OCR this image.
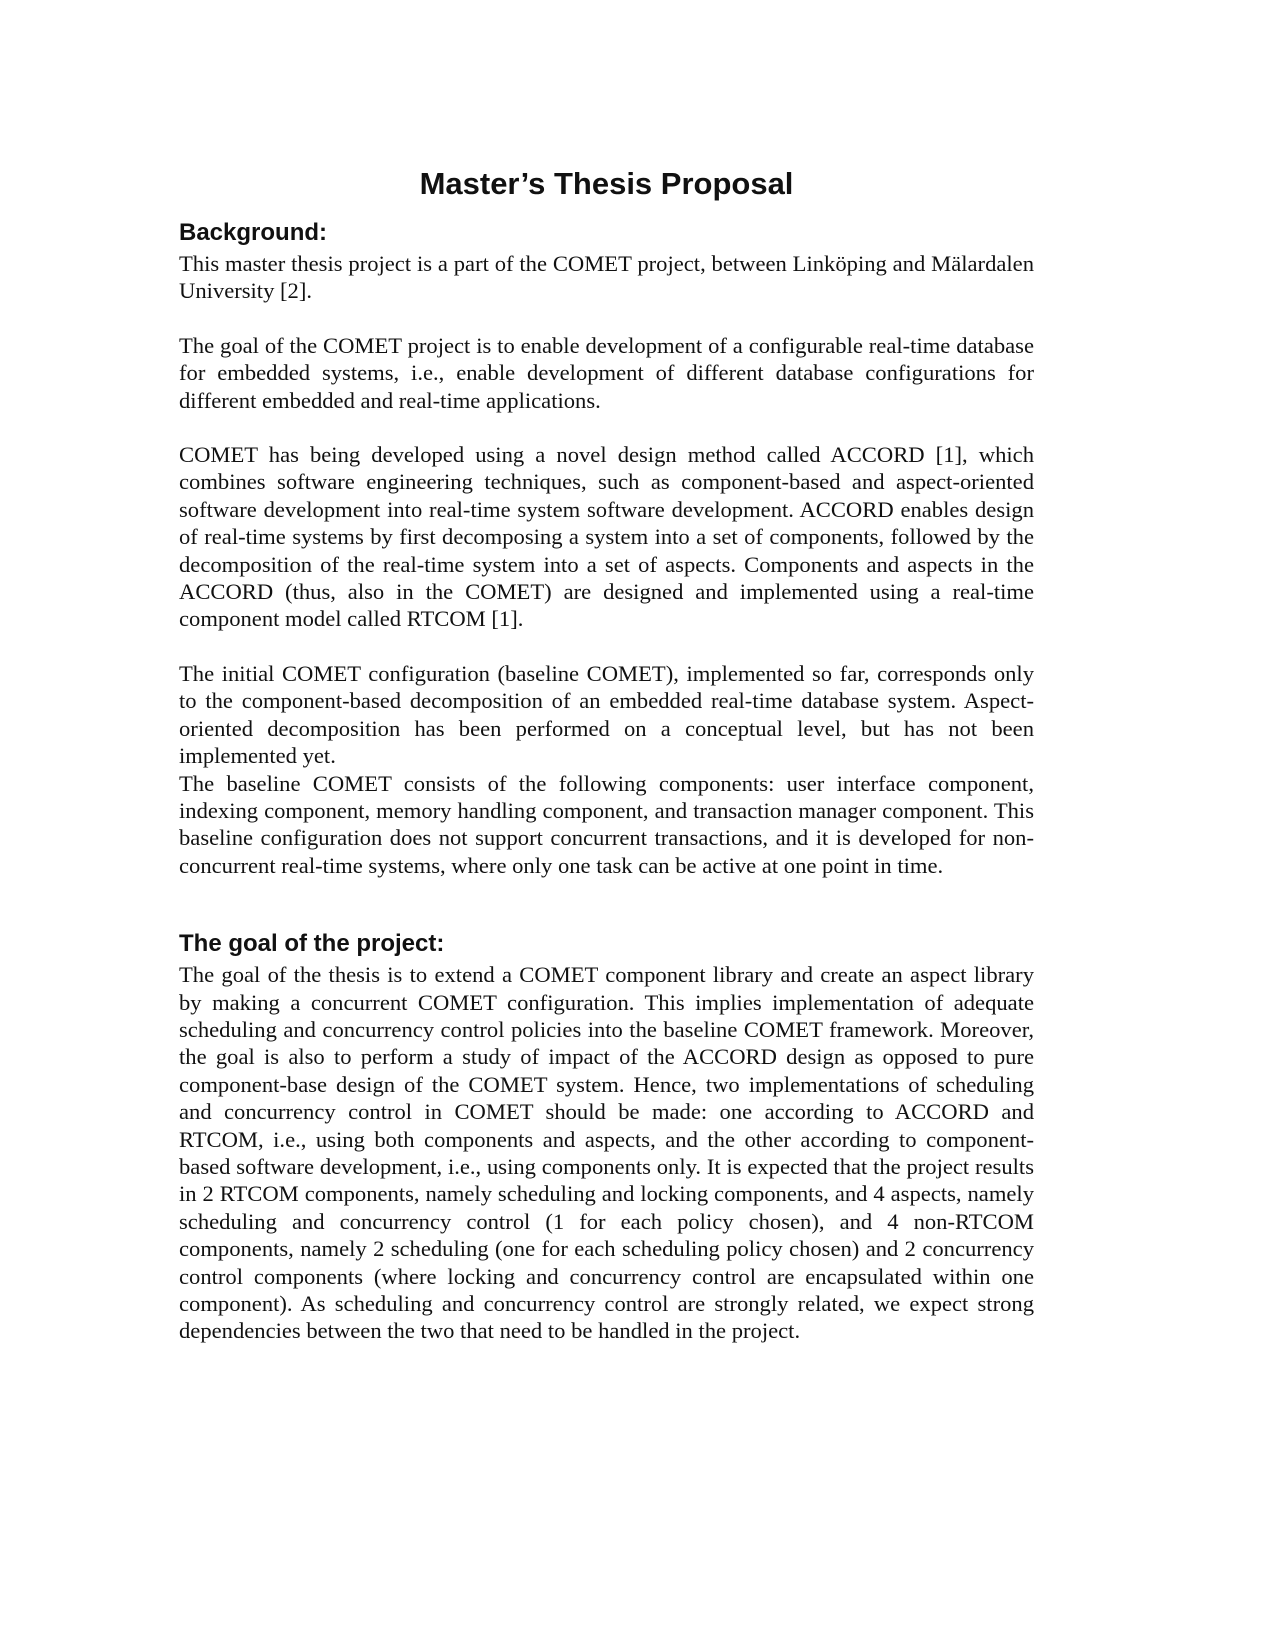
Master’s Thesis Proposal
Background:

This master thesis project is a part of the COMET project, between Linköping and Mälardalen University [2].

The goal of the COMET project is to enable development of a configurable real-time database for embedded systems, i.e., enable development of different database configurations for different embedded and real-time applications.

COMET has being developed using a novel design method called ACCORD [1], which combines software engineering techniques, such as component-based and aspect-oriented software development into real-time system software development. ACCORD enables design of real-time systems by first decomposing a system into a set of components, followed by the decomposition of the real-time system into a set of aspects. Components and aspects in the ACCORD (thus, also in the COMET) are designed and implemented using a real-time component model called RTCOM [1].

The initial COMET configuration (baseline COMET), implemented so far, corresponds only to the component-based decomposition of an embedded real-time database system. Aspect-oriented decomposition has been performed on a conceptual level, but has not been implemented yet.

The baseline COMET consists of the following components: user interface component, indexing component, memory handling component, and transaction manager component. This baseline configuration does not support concurrent transactions, and it is developed for non-concurrent real-time systems, where only one task can be active at one point in time.

The goal of the project:

The goal of the thesis is to extend a COMET component library and create an aspect library by making a concurrent COMET configuration. This implies implementation of adequate scheduling and concurrency control policies into the baseline COMET framework. Moreover, the goal is also to perform a study of impact of the ACCORD design as opposed to pure component-base design of the COMET system. Hence, two implementations of scheduling and concurrency control in COMET should be made: one according to ACCORD and RTCOM, i.e., using both components and aspects, and the other according to component-based software development, i.e., using components only. It is expected that the project results in 2 RTCOM components, namely scheduling and locking components, and 4 aspects, namely scheduling and concurrency control (1 for each policy chosen), and 4 non-RTCOM components, namely 2 scheduling (one for each scheduling policy chosen) and 2 concurrency control components (where locking and concurrency control are encapsulated within one component). As scheduling and concurrency control are strongly related, we expect strong dependencies between the two that need to be handled in the project.
